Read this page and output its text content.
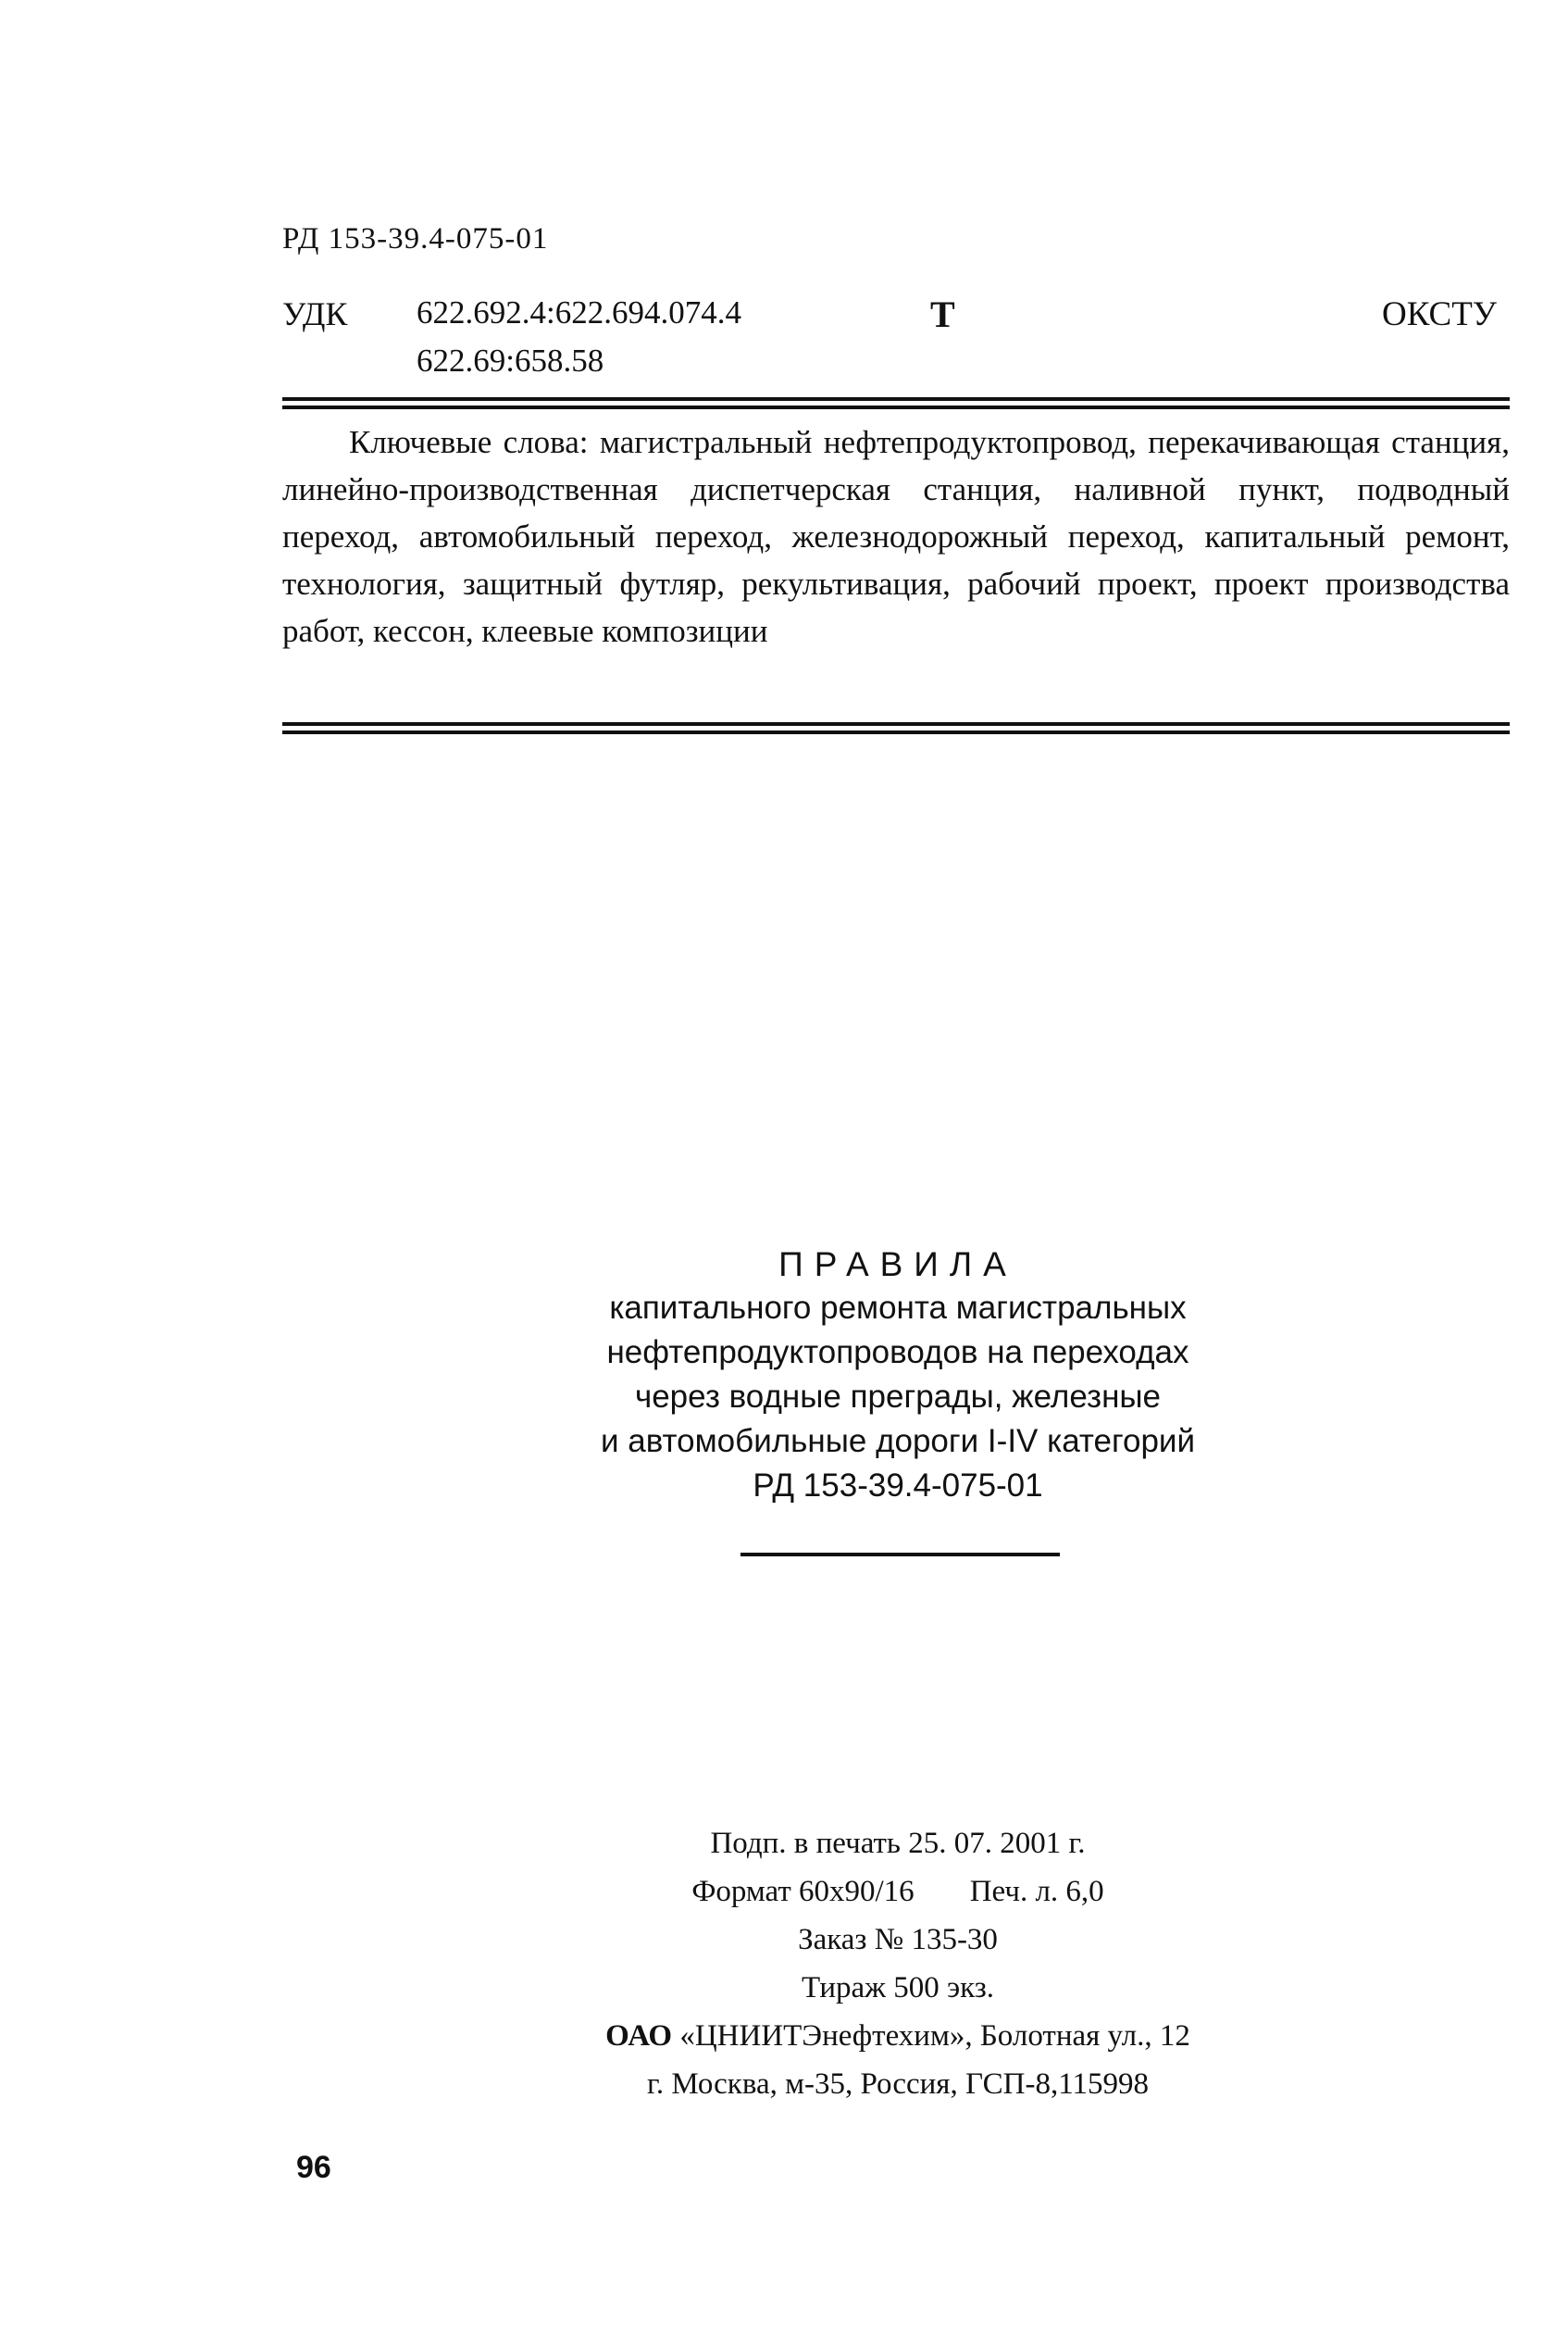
РД 153-39.4-075-01
УДК 622.692.4:622.694.074.4
622.69:658.58
Т	ОКСТУ
Ключевые слова: магистральный нефтепродуктопровод, перекачивающая станция, линейно-производственная диспетчерская станция, наливной пункт, подводный переход, автомобильный переход, железнодорожный переход, капитальный ремонт, технология, защитный футляр, рекультивация, рабочий проект, проект производства работ, кессон, клеевые композиции
ПРАВИЛА
капитального ремонта магистральных
нефтепродуктопроводов на переходах
через водные преграды, железные
и автомобильные дороги I-IV категорий
РД 153-39.4-075-01
Подп. в печать 25. 07. 2001 г.
Формат 60x90/16 Печ. л. 6,0
Заказ № 135-30
Тираж 500 экз.
ОАО «ЦНИИТЭнефтехим», Болотная ул., 12
г. Москва, м-35, Россия, ГСП-8,115998
96
